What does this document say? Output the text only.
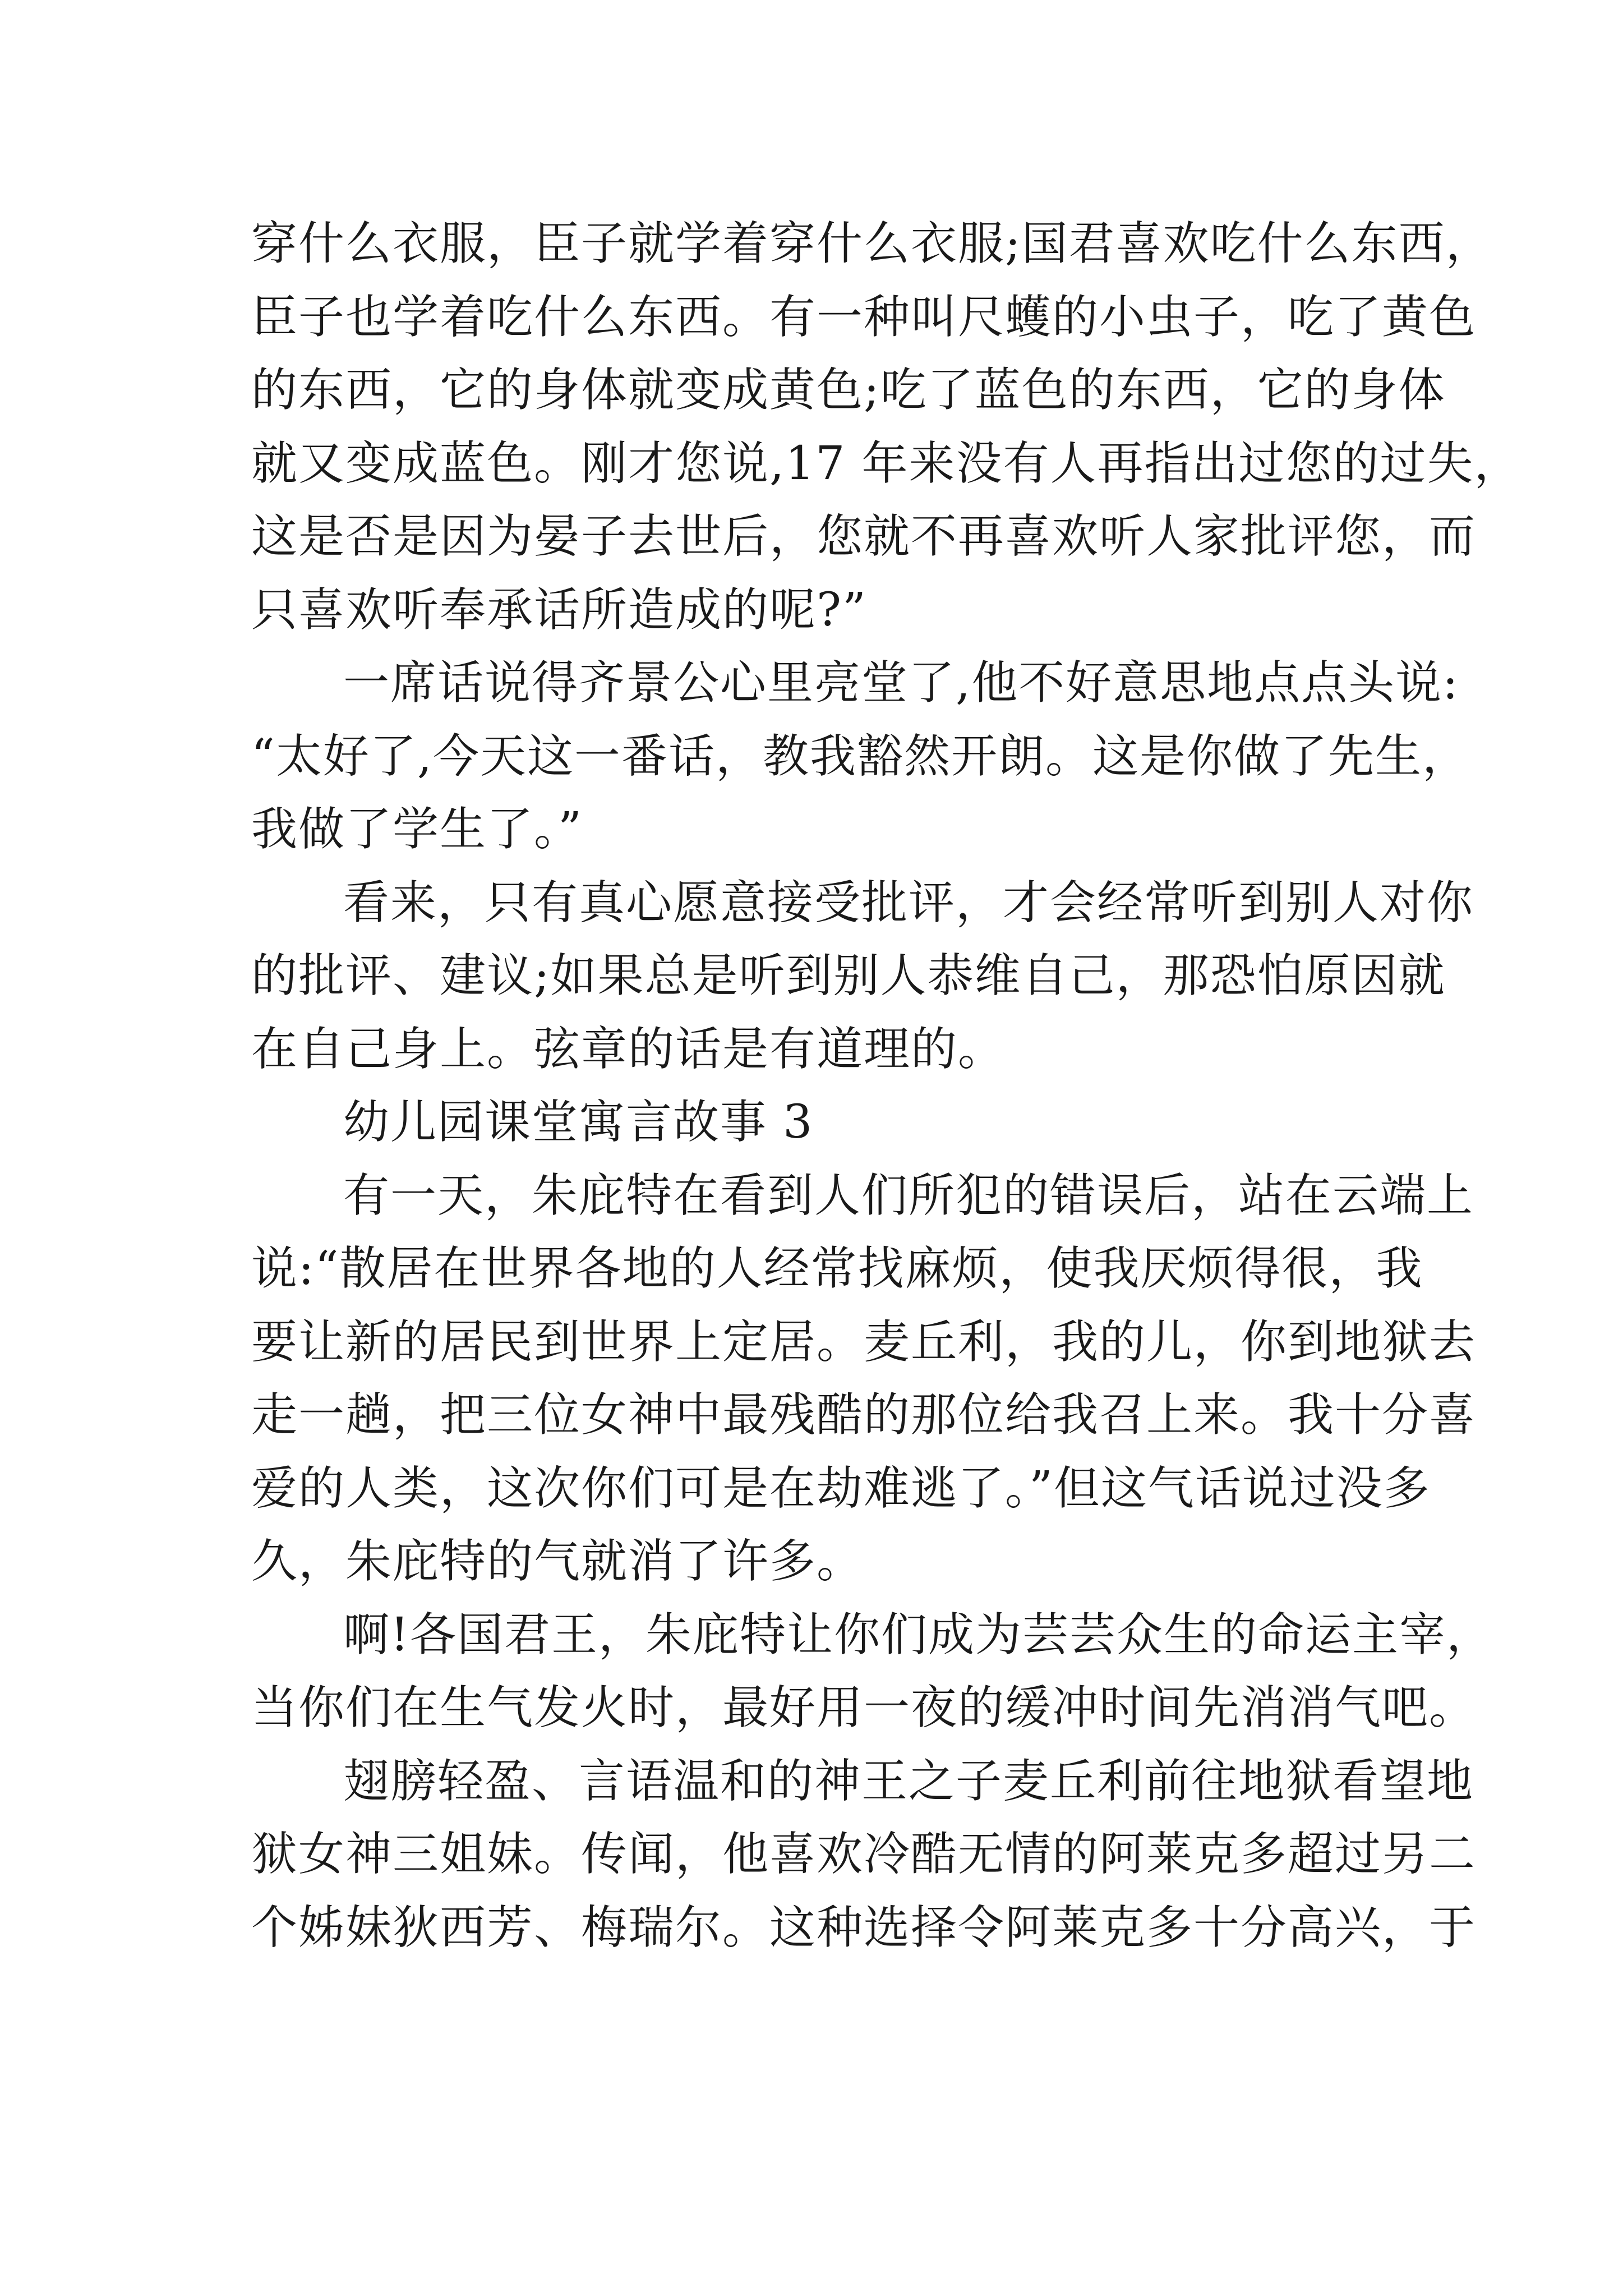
穿什么衣服，臣子就学着穿什么衣服;国君喜欢吃什么东西，
臣子也学着吃什么东西。有一种叫尺蠖的小虫子，吃了黄色
的东西，它的身体就变成黄色;吃了蓝色的东西，它的身体
就又变成蓝色。刚才您说,17 年来没有人再指出过您的过失，
这是否是因为晏子去世后，您就不再喜欢听人家批评您，而
只喜欢听奉承话所造成的呢?”
一席话说得齐景公心里亮堂了,他不好意思地点点头说:
“太好了,今天这一番话，教我豁然开朗。这是你做了先生，
我做了学生了。”
看来，只有真心愿意接受批评，才会经常听到别人对你
的批评、建议;如果总是听到别人恭维自己，那恐怕原因就
在自己身上。弦章的话是有道理的。
幼儿园课堂寓言故事 3
有一天，朱庇特在看到人们所犯的错误后，站在云端上
说:“散居在世界各地的人经常找麻烦，使我厌烦得很，我
要让新的居民到世界上定居。麦丘利，我的儿，你到地狱去
走一趟，把三位女神中最残酷的那位给我召上来。我十分喜
爱的人类，这次你们可是在劫难逃了。”但这气话说过没多
久，朱庇特的气就消了许多。
啊!各国君王，朱庇特让你们成为芸芸众生的命运主宰，
当你们在生气发火时，最好用一夜的缓冲时间先消消气吧。
翅膀轻盈、言语温和的神王之子麦丘利前往地狱看望地
狱女神三姐妹。传闻，他喜欢冷酷无情的阿莱克多超过另二
个姊妹狄西芳、梅瑞尔。这种选择令阿莱克多十分高兴，于
